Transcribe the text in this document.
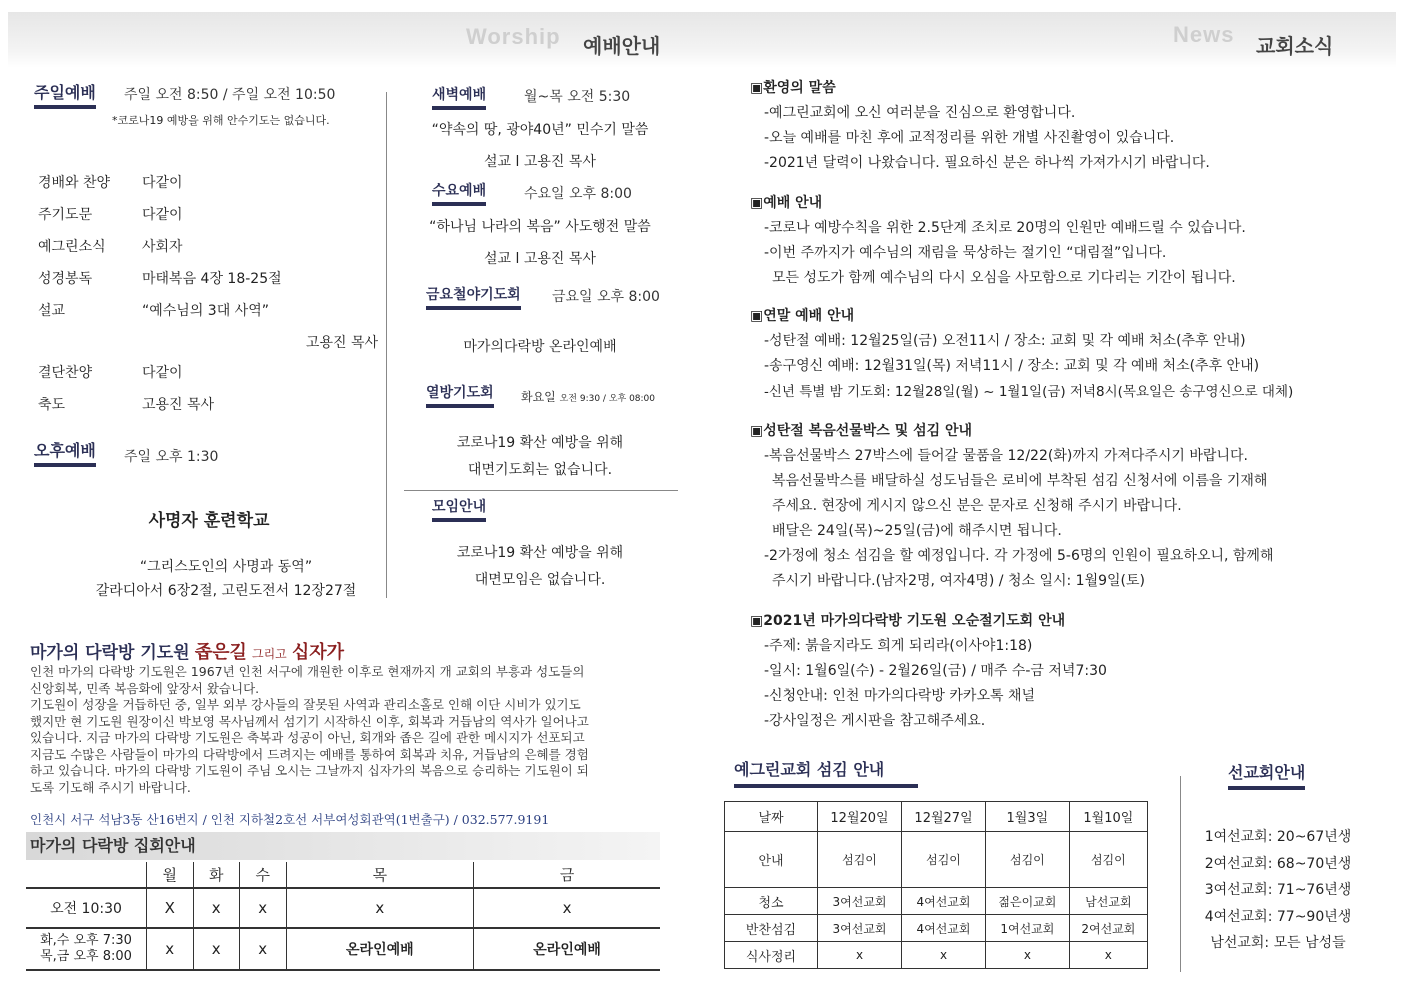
Worship 예배안내	News 교회소식
주일예배 주일 오전 8:50 / 주일 오전 10:50
*코로나19 예방을 위해 안수기도는 없습니다.
경배와 찬양	다같이
주기도문	다같이
예그린소식	사회자
성경봉독	마태복음 4장 18-25절
설교	“예수님의 3대 사역”
고용진 목사
결단찬양	다같이
축도	고용진 목사
오후예배 주일 오후 1:30
사명자 훈련학교
“그리스도인의 사명과 동역”
갈라디아서 6장2절, 고린도전서 12장27절
새벽예배	월~목 오전 5:30
“약속의 땅, 광야40년” 민수기 말씀
설교 l 고용진 목사
수요예배	수요일 오후 8:00
“하나님 나라의 복음” 사도행전 말씀
설교 l 고용진 목사
금요철야기도회 금요일 오후 8:00
마가의다락방 온라인예배
열방기도회 화요일 오전 9:30 / 오후 08:00
코로나19 확산 예방을 위해
대면기도회는 없습니다.
모임안내
코로나19 확산 예방을 위해
대면모임은 없습니다.
마가의 다락방 기도원 좁은길 그리고 십자가
인천 마가의 다락방 기도원은 1967년 인천 서구에 개원한 이후로 현재까지 개 교회의 부흥과 성도들의
신앙회복, 민족 복음화에 앞장서 왔습니다.
기도원이 성장을 거듭하던 중, 일부 외부 강사들의 잘못된 사역과 관리소홀로 인해 이단 시비가 있기도
했지만 현 기도원 원장이신 박보영 목사님께서 섬기기 시작하신 이후, 회복과 거듭남의 역사가 일어나고
있습니다. 지금 마가의 다락방 기도원은 축복과 성공이 아닌, 회개와 좁은 길에 관한 메시지가 선포되고
지금도 수많은 사람들이 마가의 다락방에서 드려지는 예배를 통하여 회복과 치유, 거듭남의 은혜를 경험
하고 있습니다. 마가의 다락방 기도원이 주님 오시는 그날까지 십자가의 복음으로 승리하는 기도원이 되
도록 기도해 주시기 바랍니다.
인천시 서구 석남3동 산16번지 / 인천 지하철2호선 서부여성회관역(1번출구) / 032.577.9191
마가의 다락방 집회안내
	월	화	수	목	금
오전 10:30	X	x	x	x	x

화,수 오후 7:30
목,금 오후 8:00	x	x	x	온라인예배	온라인예배
▣환영의 말씀
-예그린교회에 오신 여러분을 진심으로 환영합니다.
-오늘 예배를 마친 후에 교적정리를 위한 개별 사진촬영이 있습니다.
-2021년 달력이 나왔습니다. 필요하신 분은 하나씩 가져가시기 바랍니다.
▣예배 안내
-코로나 예방수칙을 위한 2.5단계 조치로 20명의 인원만 예배드릴 수 있습니다.
-이번 주까지가 예수님의 재림을 묵상하는 절기인 “대림절”입니다.
모든 성도가 함께 예수님의 다시 오심을 사모함으로 기다리는 기간이 됩니다.
▣연말 예배 안내
-성탄절 예배: 12월25일(금) 오전11시 / 장소: 교회 및 각 예배 처소(추후 안내)
-송구영신 예배: 12월31일(목) 저녁11시 / 장소: 교회 및 각 예배 처소(추후 안내)
-신년 특별 밤 기도회: 12월28일(월) ~ 1월1일(금) 저녁8시(목요일은 송구영신으로 대체)
▣성탄절 복음선물박스 및 섬김 안내
-복음선물박스 27박스에 들어갈 물품을 12/22(화)까지 가져다주시기 바랍니다.
복음선물박스를 배달하실 성도님들은 로비에 부착된 섬김 신청서에 이름을 기재해
주세요. 현장에 게시지 않으신 분은 문자로 신청해 주시기 바랍니다.
배달은 24일(목)~25일(금)에 해주시면 됩니다.
-2가정에 청소 섬김을 할 예정입니다. 각 가정에 5-6명의 인원이 필요하오니, 함께해
주시기 바랍니다.(남자2명, 여자4명) / 청소 일시: 1월9일(토)
▣2021년 마가의다락방 기도원 오순절기도회 안내
-주제: 붉을지라도 희게 되리라(이사야1:18)
-일시: 1월6일(수) - 2월26일(금) / 매주 수-금 저녁7:30
-신청안내: 인천 마가의다락방 카카오톡 채널
-강사일정은 게시판을 참고해주세요.
예그린교회 섬김 안내
날짜	12월20일	12월27일	1월3일	1월10일
안내	섬김이	섬김이	섬김이	섬김이
청소	3여선교회	4여선교회	젊은이교회	남선교회
반찬섬김	3여선교회	4여선교회	1여선교회	2여선교회
식사정리	x	x	x	x
선교회안내
1여선교회: 20~67년생
2여선교회: 68~70년생
3여선교회: 71~76년생
4여선교회: 77~90년생
남선교회: 모든 남성들
